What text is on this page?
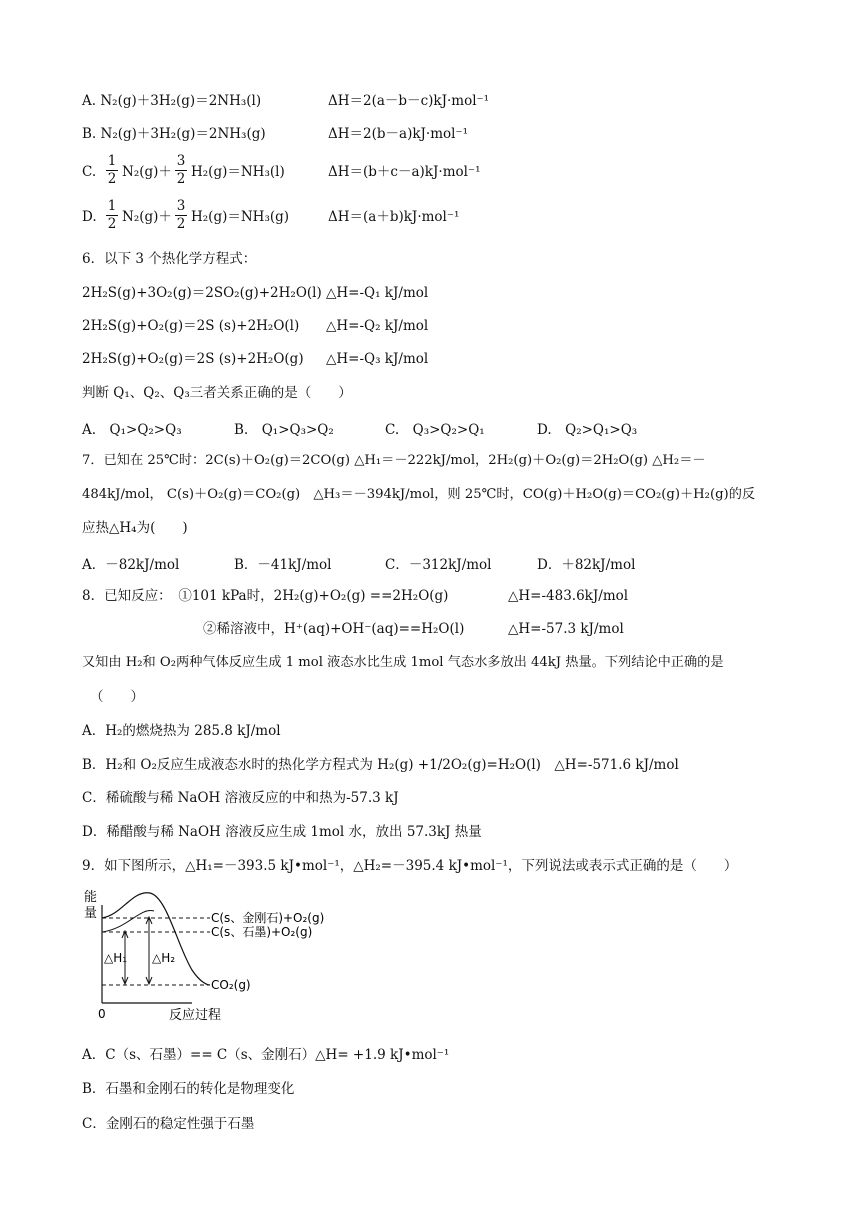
A. N₂(g)＋3H₂(g)＝2NH₃(l)	ΔH＝2(a－b－c)kJ·mol⁻¹
B. N₂(g)＋3H₂(g)＝2NH₃(g)	ΔH＝2(b－a)kJ·mol⁻¹
C. $\frac{1}{2} N_2(g)+ \frac{3}{2} H_2(g)=NH_3(l)$	ΔH＝(b＋c－a)kJ·mol⁻¹
D. $\frac{1}{2} N_2(g)+ \frac{3}{2} H_2(g)=NH_3(g)$	ΔH＝(a＋b)kJ·mol⁻¹
6．以下 3 个热化学方程式：
2H₂S(g)+3O₂(g)＝2SO₂(g)+2H₂O(l) △H=-Q₁ kJ/mol
2H₂S(g)+O₂(g)＝2S (s)+2H₂O(l) △H=-Q₂ kJ/mol
2H₂S(g)+O₂(g)＝2S (s)+2H₂O(g) △H=-Q₃ kJ/mol
判断 Q₁、Q₂、Q₃三者关系正确的是（　　）
A.　Q₁>Q₂>Q₃	B.　Q₁>Q₃>Q₂	C.　Q₃>Q₂>Q₁	D.　Q₂>Q₁>Q₃
7．已知在 25℃时：2C(s)＋O₂(g)＝2CO(g) △H₁＝－222kJ/mol，2H₂(g)＋O₂(g)＝2H₂O(g) △H₂＝－
484kJ/mol， C(s)＋O₂(g)＝CO₂(g)　△H₃＝－394kJ/mol，则 25℃时，CO(g)＋H₂O(g)＝CO₂(g)＋H₂(g)的反
应热△H₄为(　　)
A．－82kJ/mol	B．－41kJ/mol	C．－312kJ/mol	D．＋82kJ/mol
8．已知反应：　①101 kPa时，2H₂(g)+O₂(g) ==2H₂O(g)	△H=-483.6kJ/mol
②稀溶液中，H⁺(aq)+OH⁻(aq)==H₂O(l)	△H=-57.3 kJ/mol
又知由 H₂和 O₂两种气体反应生成 1 mol 液态水比生成 1mol 气态水多放出 44kJ 热量。下列结论中正确的是
（　　）
A．H₂的燃烧热为 285.8 kJ/mol
B．H₂和 O₂反应生成液态水时的热化学方程式为 H₂(g) +1/2O₂(g)=H₂O(l)　△H=-571.6 kJ/mol
C．稀硫酸与稀 NaOH 溶液反应的中和热为-57.3 kJ
D．稀醋酸与稀 NaOH 溶液反应生成 1mol 水，放出 57.3kJ 热量
9．如下图所示，△H₁=－393.5 kJ•mol⁻¹，△H₂=－395.4 kJ•mol⁻¹，下列说法或表示式正确的是（　　）
能
量
0	反应过程
C(s、金刚石)+O₂(g)
C(s、石墨)+O₂(g)
CO₂(g)
△H₁ △H₂
A．C（s、石墨）== C（s、金刚石）△H= +1.9 kJ•mol⁻¹
B．石墨和金刚石的转化是物理变化
C．金刚石的稳定性强于石墨
